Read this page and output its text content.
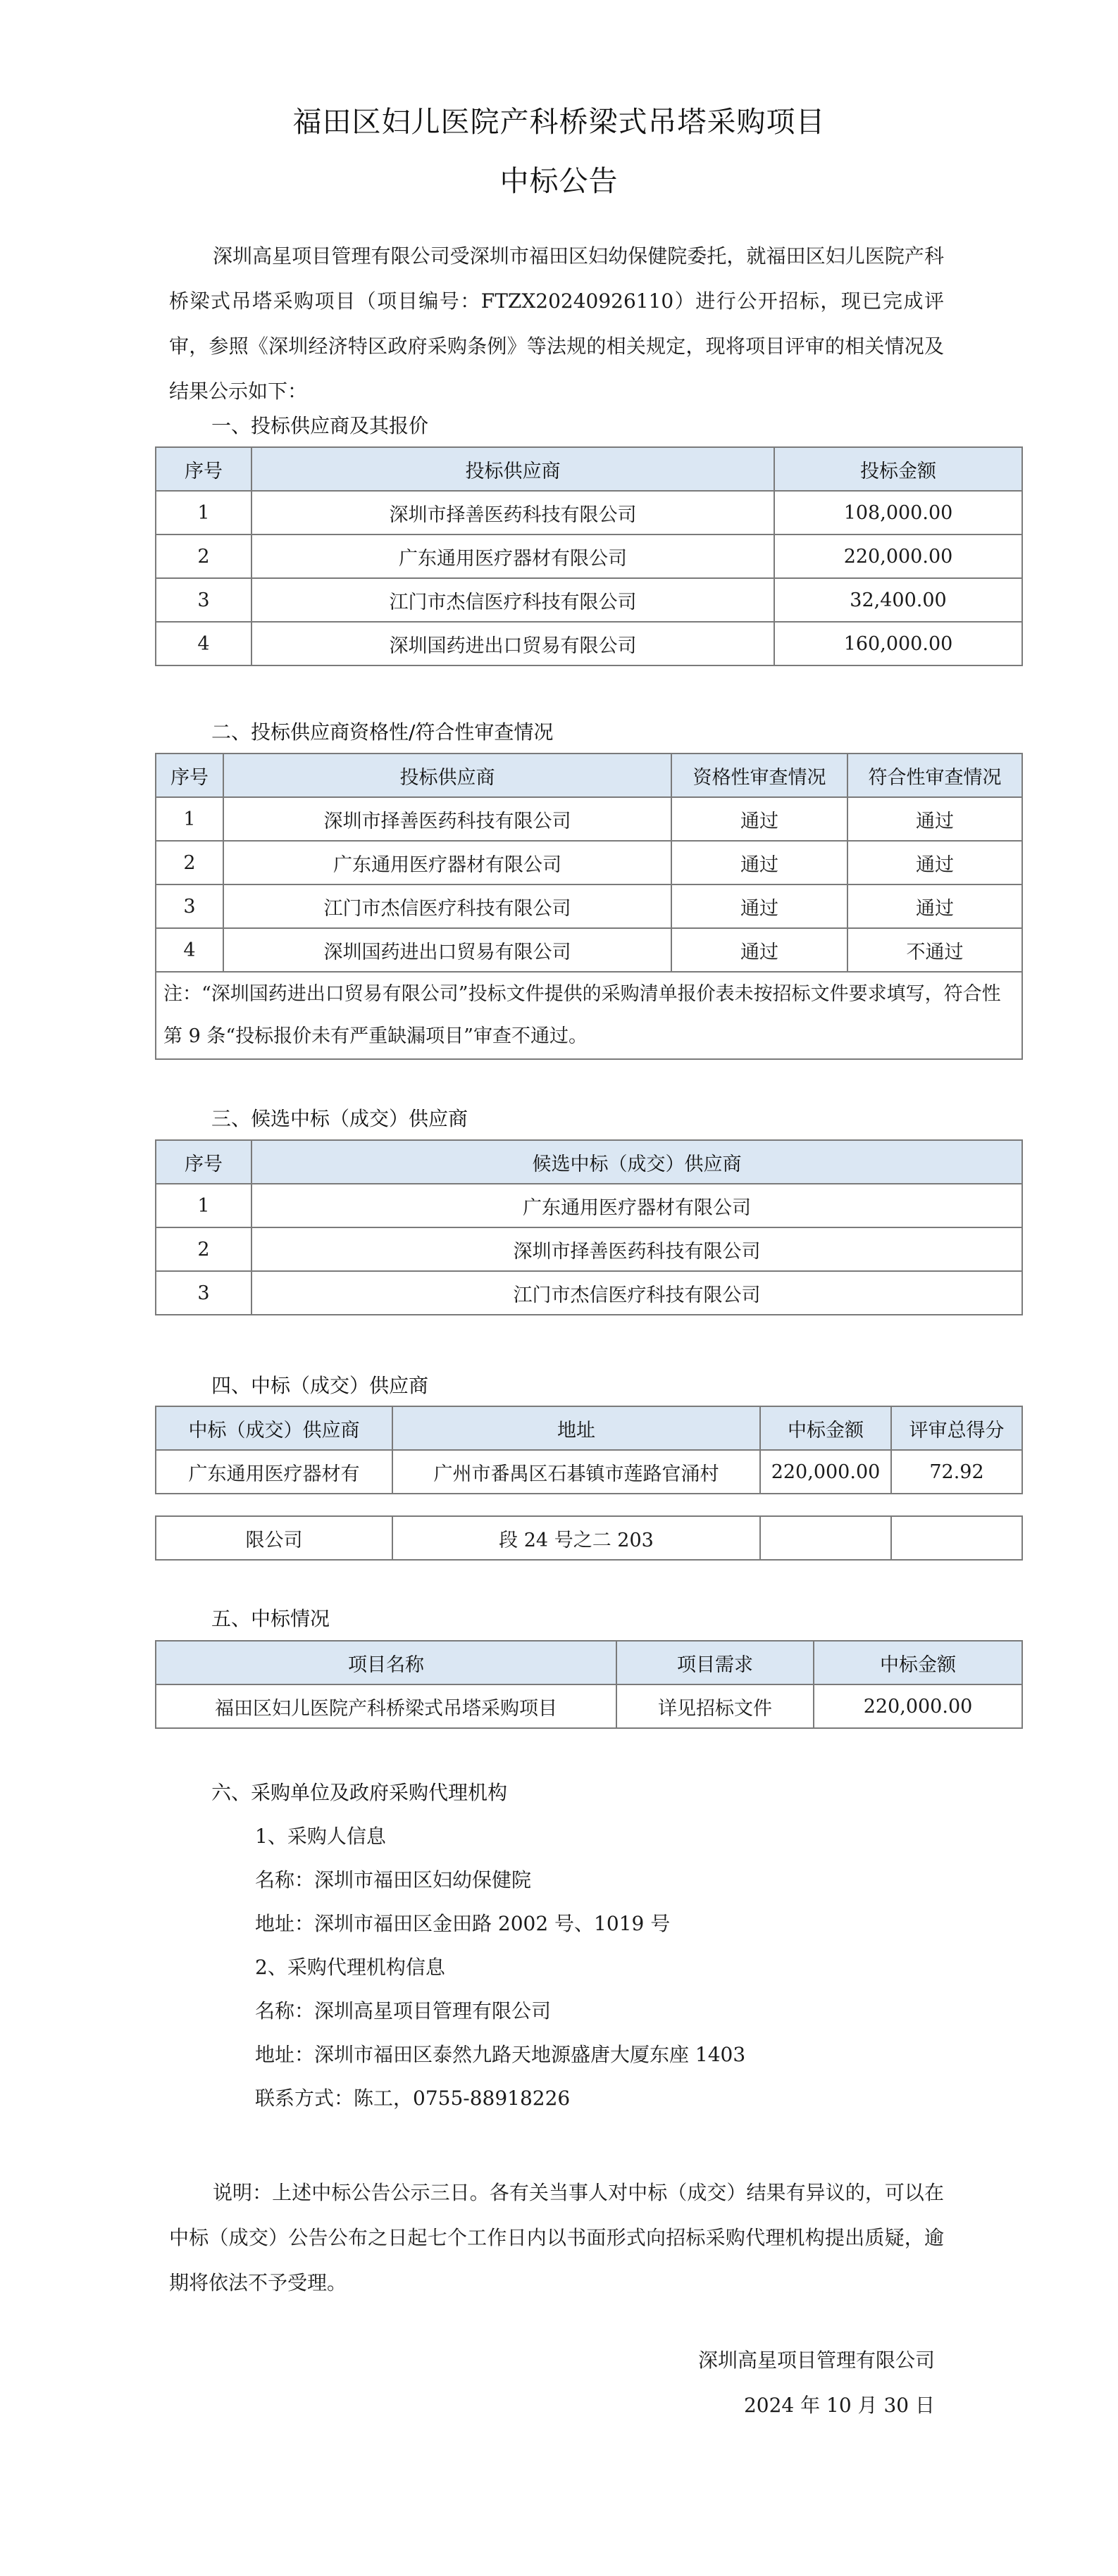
福田区妇儿医院产科桥梁式吊塔采购项目
中标公告
深圳高星项目管理有限公司受深圳市福田区妇幼保健院委托，就福田区妇儿医院产科桥梁式吊塔采购项目（项目编号：FTZX20240926110）进行公开招标，现已完成评审，参照《深圳经济特区政府采购条例》等法规的相关规定，现将项目评审的相关情况及结果公示如下：
一、投标供应商及其报价
序号	投标供应商	投标金额
1	深圳市择善医药科技有限公司	108,000.00
2	广东通用医疗器材有限公司	220,000.00
3	江门市杰信医疗科技有限公司	32,400.00
4	深圳国药进出口贸易有限公司	160,000.00
二、投标供应商资格性/符合性审查情况
序号	投标供应商	资格性审查情况	符合性审查情况
1	深圳市择善医药科技有限公司	通过	通过
2	广东通用医疗器材有限公司	通过	通过
3	江门市杰信医疗科技有限公司	通过	通过
4	深圳国药进出口贸易有限公司	通过	不通过
注：“深圳国药进出口贸易有限公司”投标文件提供的采购清单报价表未按招标文件要求填写，符合性第 9 条“投标报价未有严重缺漏项目”审查不通过。			
三、候选中标（成交）供应商
序号	候选中标（成交）供应商
1	广东通用医疗器材有限公司
2	深圳市择善医药科技有限公司
3	江门市杰信医疗科技有限公司
四、中标（成交）供应商
中标（成交）供应商	地址	中标金额	评审总得分
广东通用医疗器材有	广州市番禺区石碁镇市莲路官涌村	220,000.00	72.92
限公司	段 24 号之二 203		
五、中标情况
项目名称	项目需求	中标金额
福田区妇儿医院产科桥梁式吊塔采购项目	详见招标文件	220,000.00
六、采购单位及政府采购代理机构
1、采购人信息
名称：深圳市福田区妇幼保健院
地址：深圳市福田区金田路 2002 号、1019 号
2、采购代理机构信息
名称：深圳高星项目管理有限公司
地址：深圳市福田区泰然九路天地源盛唐大厦东座 1403
联系方式：陈工，0755-88918226
说明：上述中标公告公示三日。各有关当事人对中标（成交）结果有异议的，可以在中标（成交）公告公布之日起七个工作日内以书面形式向招标采购代理机构提出质疑，逾期将依法不予受理。
深圳高星项目管理有限公司
2024 年 10 月 30 日
